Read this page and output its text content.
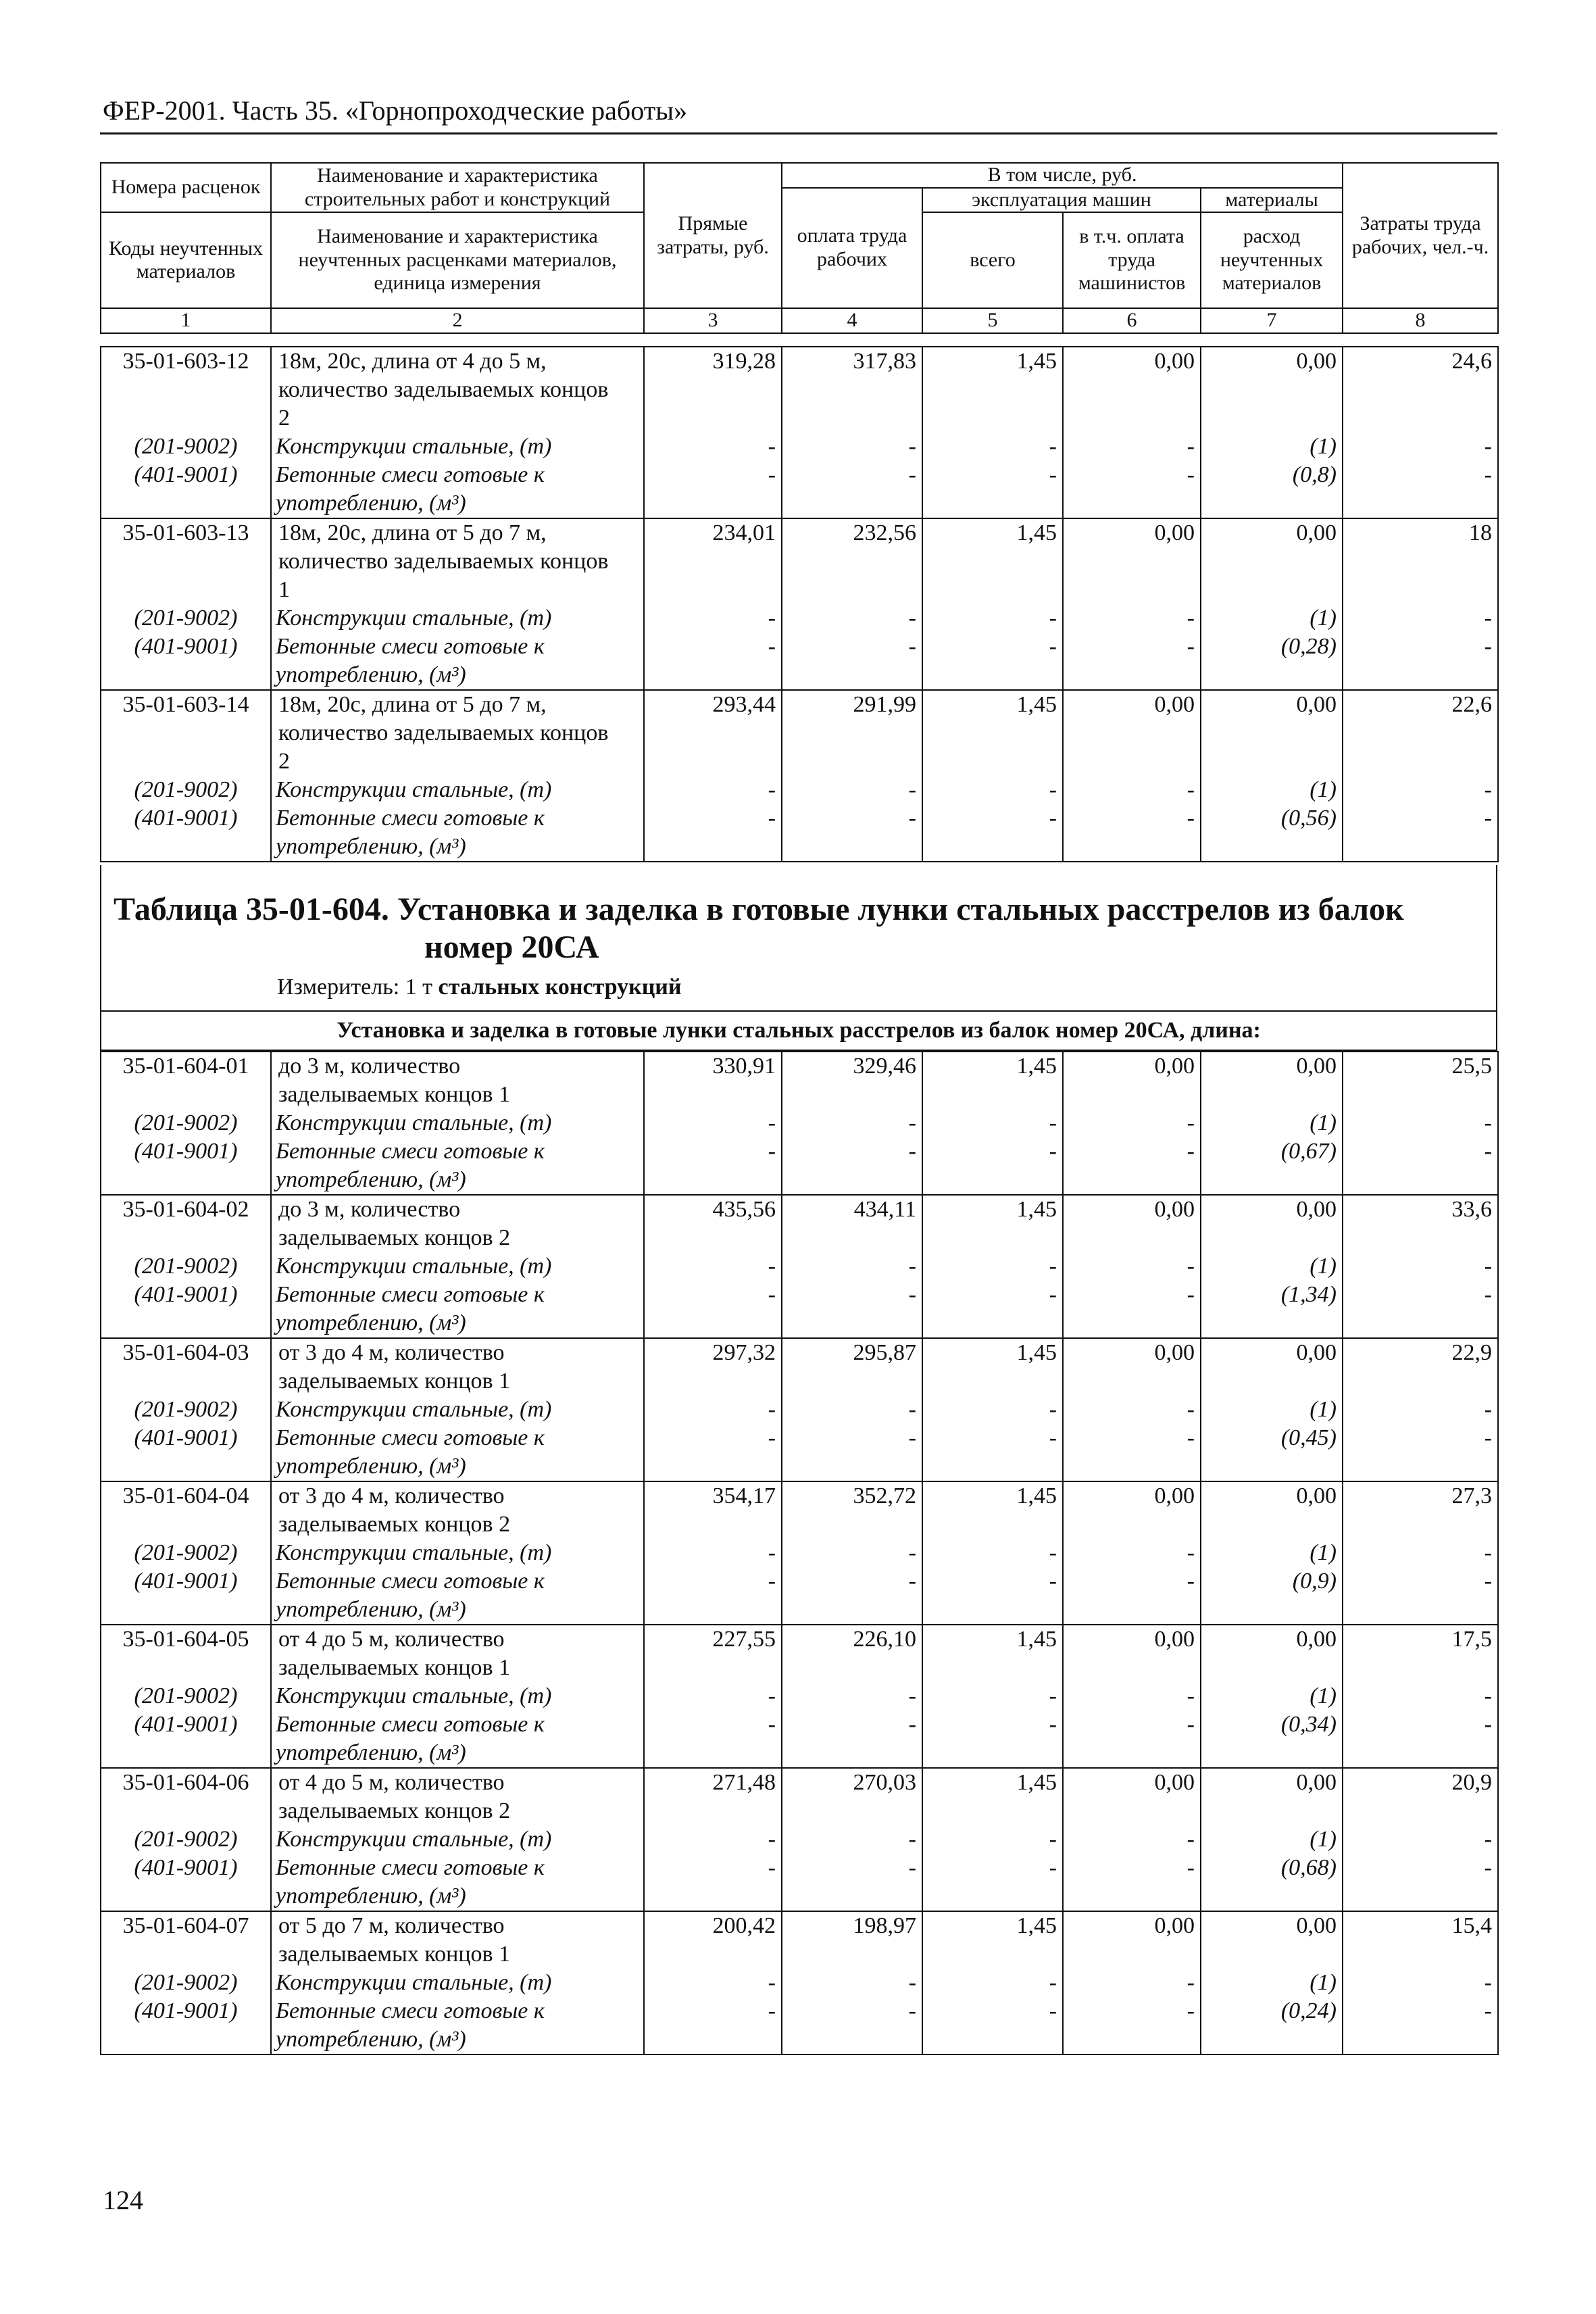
ФЕР-2001. Часть 35. «Горнопроходческие работы»
Номера расценок	Наименование и характеристика строительных работ и конструкций	Прямые затраты, руб.	В том числе, руб.				Затраты труда рабочих, чел.-ч.
			оплата труда рабочих	эксплуатация машин		материалы	
Коды неучтенных материалов	Наименование и характеристика неучтенных расценками материалов, единица измерения			всего	в т.ч. оплата труда машинистов	расход неучтенных материалов	

1	2	3	4	5	6	7	8
35-01-603-12	18м, 20с, длина от 4 до 5 м,	319,28	317,83	1,45	0,00	0,00	24,6
	количество заделываемых концов						
	2						
(201-9002)	Конструкции стальные, (т)	-	-	-	-	(1)	-
(401-9001)	Бетонные смеси готовые к	-	-	-	-	(0,8)	-
	употреблению, (м³)						
35-01-603-13	18м, 20с, длина от 5 до 7 м,	234,01	232,56	1,45	0,00	0,00	18
	количество заделываемых концов						
	1						
(201-9002)	Конструкции стальные, (т)	-	-	-	-	(1)	-
(401-9001)	Бетонные смеси готовые к	-	-	-	-	(0,28)	-
	употреблению, (м³)						
35-01-603-14	18м, 20с, длина от 5 до 7 м,	293,44	291,99	1,45	0,00	0,00	22,6
	количество заделываемых концов						
	2						
(201-9002)	Конструкции стальные, (т)	-	-	-	-	(1)	-
(401-9001)	Бетонные смеси готовые к	-	-	-	-	(0,56)	-
	употреблению, (м³)						
Таблица 35-01-604. Установка и заделка в готовые лунки стальных расстрелов из балок
номер 20СА
Измеритель: 1 т стальных конструкций
Установка и заделка в готовые лунки стальных расстрелов из балок номер 20СА, длина:
35-01-604-01	до 3 м, количество	330,91	329,46	1,45	0,00	0,00	25,5
	заделываемых концов 1						
(201-9002)	Конструкции стальные, (т)	-	-	-	-	(1)	-
(401-9001)	Бетонные смеси готовые к	-	-	-	-	(0,67)	-
	употреблению, (м³)						
35-01-604-02	до 3 м, количество	435,56	434,11	1,45	0,00	0,00	33,6
	заделываемых концов 2						
(201-9002)	Конструкции стальные, (т)	-	-	-	-	(1)	-
(401-9001)	Бетонные смеси готовые к	-	-	-	-	(1,34)	-
	употреблению, (м³)						
35-01-604-03	от 3 до 4 м, количество	297,32	295,87	1,45	0,00	0,00	22,9
	заделываемых концов 1						
(201-9002)	Конструкции стальные, (т)	-	-	-	-	(1)	-
(401-9001)	Бетонные смеси готовые к	-	-	-	-	(0,45)	-
	употреблению, (м³)						
35-01-604-04	от 3 до 4 м, количество	354,17	352,72	1,45	0,00	0,00	27,3
	заделываемых концов 2						
(201-9002)	Конструкции стальные, (т)	-	-	-	-	(1)	-
(401-9001)	Бетонные смеси готовые к	-	-	-	-	(0,9)	-
	употреблению, (м³)						
35-01-604-05	от 4 до 5 м, количество	227,55	226,10	1,45	0,00	0,00	17,5
	заделываемых концов 1						
(201-9002)	Конструкции стальные, (т)	-	-	-	-	(1)	-
(401-9001)	Бетонные смеси готовые к	-	-	-	-	(0,34)	-
	употреблению, (м³)						
35-01-604-06	от 4 до 5 м, количество	271,48	270,03	1,45	0,00	0,00	20,9
	заделываемых концов 2						
(201-9002)	Конструкции стальные, (т)	-	-	-	-	(1)	-
(401-9001)	Бетонные смеси готовые к	-	-	-	-	(0,68)	-
	употреблению, (м³)						
35-01-604-07	от 5 до 7 м, количество	200,42	198,97	1,45	0,00	0,00	15,4
	заделываемых концов 1						
(201-9002)	Конструкции стальные, (т)	-	-	-	-	(1)	-
(401-9001)	Бетонные смеси готовые к	-	-	-	-	(0,24)	-
	употреблению, (м³)						
124
